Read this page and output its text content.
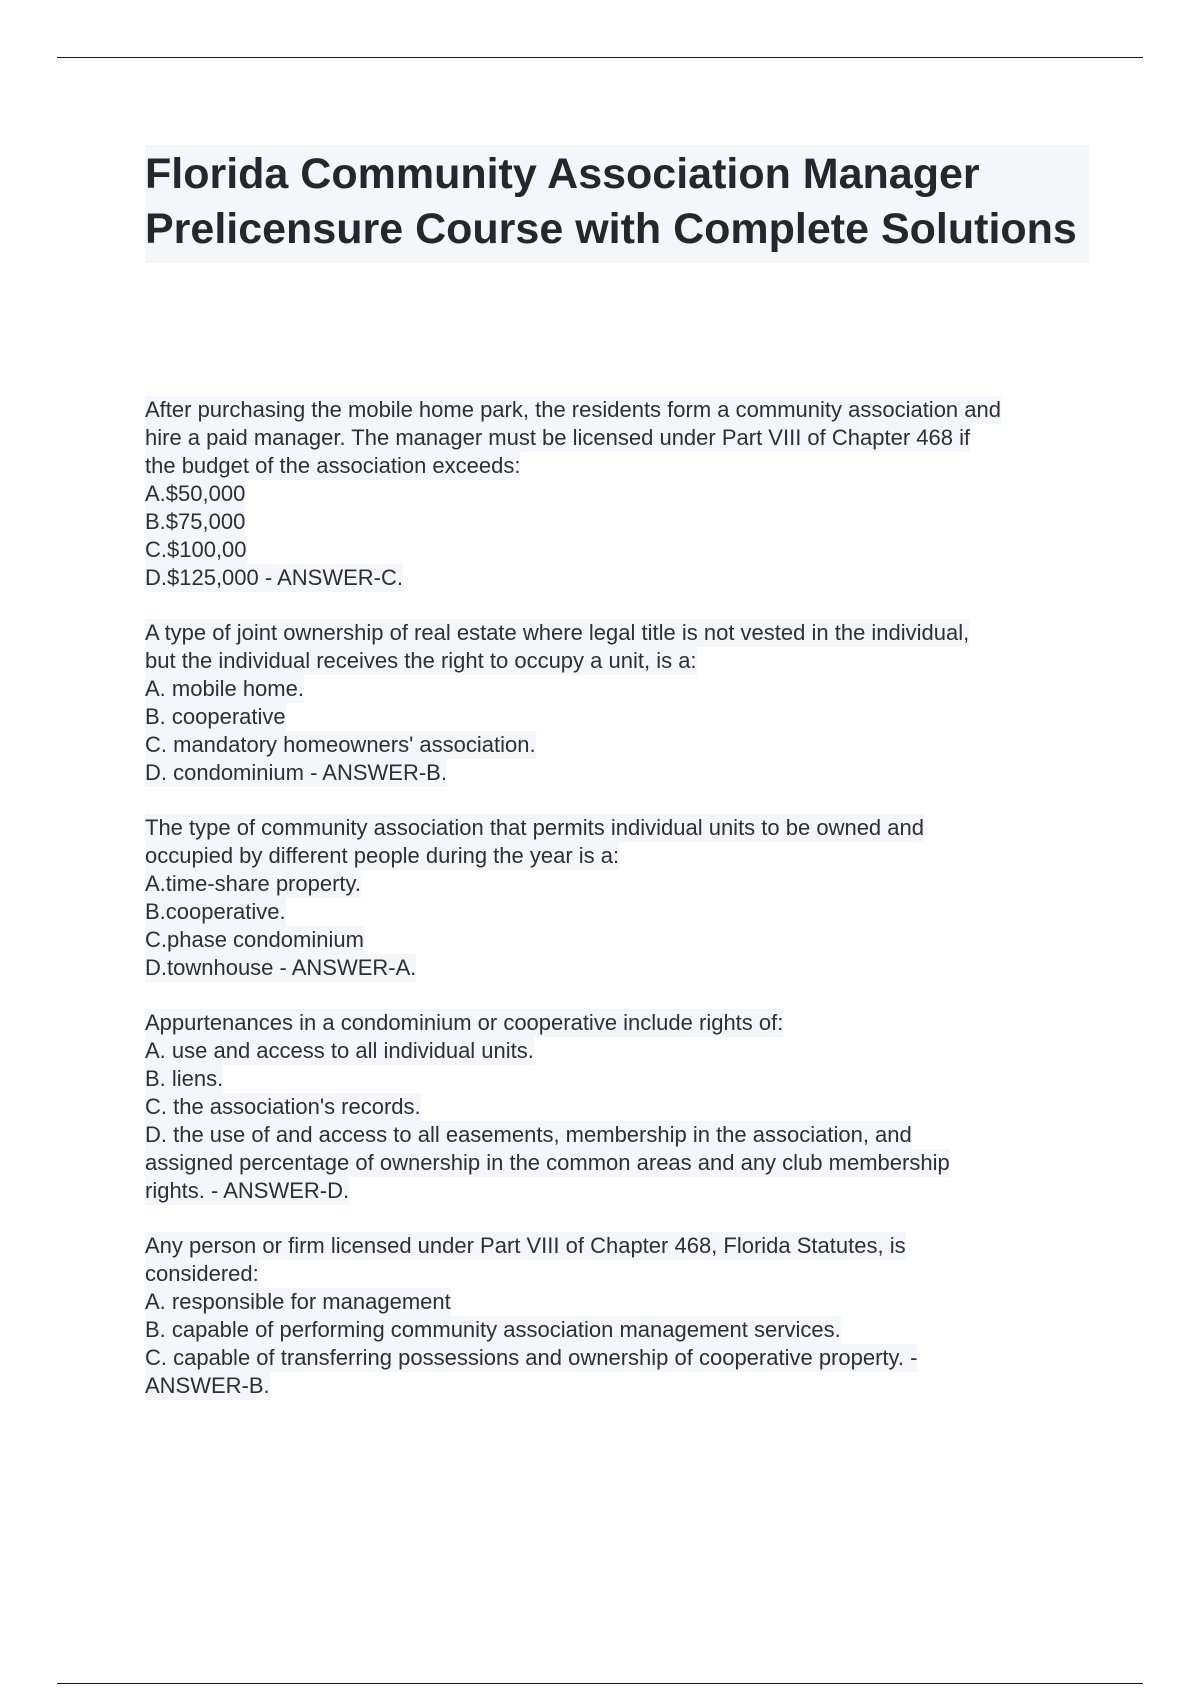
Florida Community Association Manager Prelicensure Course with Complete Solutions
After purchasing the mobile home park, the residents form a community association and
hire a paid manager. The manager must be licensed under Part VIII of Chapter 468 if
the budget of the association exceeds:
A.$50,000
B.$75,000
C.$100,00
D.$125,000 - ANSWER-C.
A type of joint ownership of real estate where legal title is not vested in the individual,
but the individual receives the right to occupy a unit, is a:
A. mobile home.
B. cooperative
C. mandatory homeowners' association.
D. condominium - ANSWER-B.
The type of community association that permits individual units to be owned and
occupied by different people during the year is a:
A.time-share property.
B.cooperative.
C.phase condominium
D.townhouse - ANSWER-A.
Appurtenances in a condominium or cooperative include rights of:
A. use and access to all individual units.
B. liens.
C. the association's records.
D. the use of and access to all easements, membership in the association, and
assigned percentage of ownership in the common areas and any club membership
rights. - ANSWER-D.
Any person or firm licensed under Part VIII of Chapter 468, Florida Statutes, is
considered:
A. responsible for management
B. capable of performing community association management services.
C. capable of transferring possessions and ownership of cooperative property. -
ANSWER-B.
